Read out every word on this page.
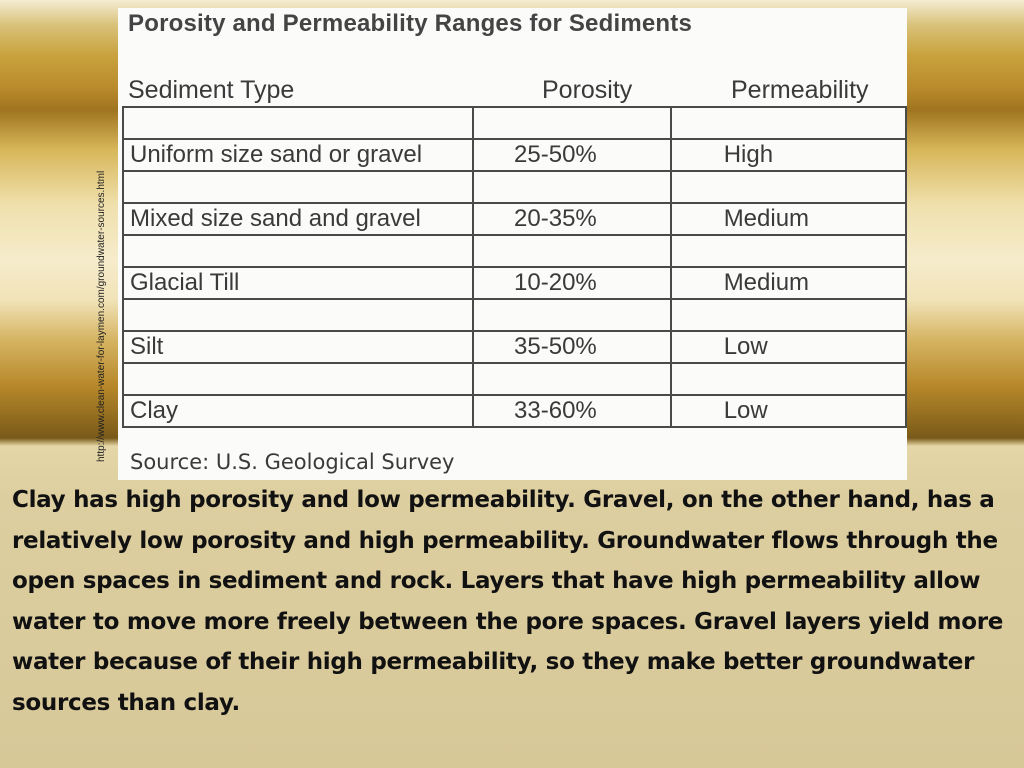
http://www.clean-water-for-laymen.com/groundwater-sources.html
Porosity and Permeability Ranges for Sediments
Sediment Type	Porosity	Permeability

Uniform size sand or gravel	25-50%	High

Mixed size sand and gravel	20-35%	Medium

Glacial Till	10-20%	Medium

Silt	35-50%	Low

Clay	33-60%	Low
Source: U.S. Geological Survey

Clay has high porosity and low permeability. Gravel, on the other hand, has a relatively low porosity and high permeability. Groundwater flows through the open spaces in sediment and rock. Layers that have high permeability allow water to move more freely between the pore spaces. Gravel layers yield more water because of their high permeability, so they make better groundwater sources than clay.
